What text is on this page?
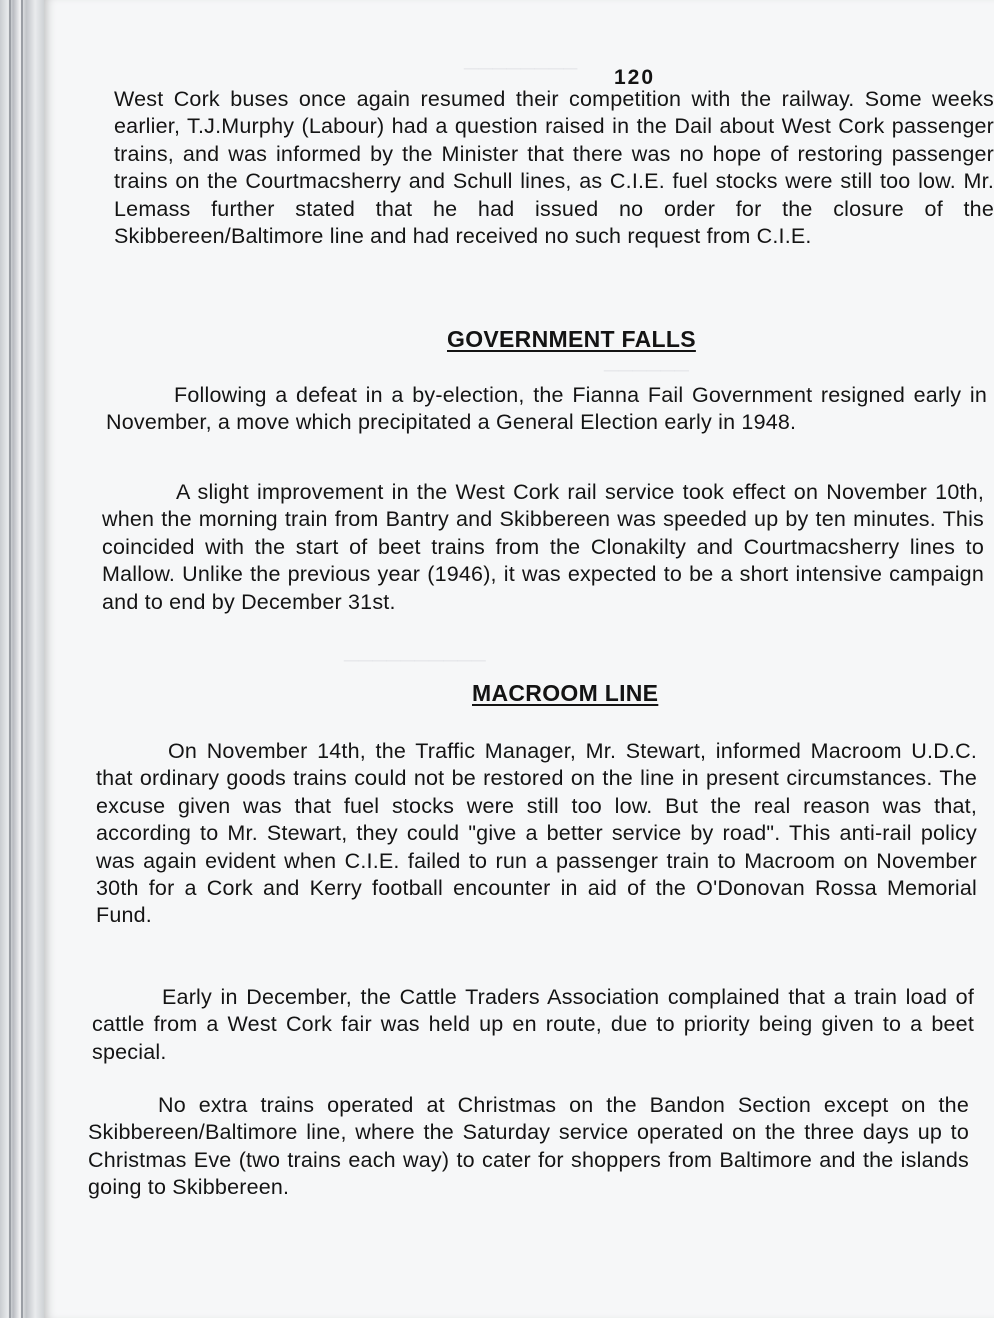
────────
──────
──────────
120

West Cork buses once again resumed their competition with the railway. Some weeks earlier, T.J.Murphy (Labour) had a question raised in the Dail about West Cork passenger trains, and was informed by the Minister that there was no hope of restoring passenger trains on the Courtmacsherry and Schull lines, as C.I.E. fuel stocks were still too low. Mr. Lemass further stated that he had issued no order for the closure of the Skibbereen/Baltimore line and had received no such request from C.I.E.

GOVERNMENT FALLS

Following a defeat in a by-election, the Fianna Fail Government resigned early in November, a move which precipitated a General Election early in 1948.

A slight improvement in the West Cork rail service took effect on November 10th, when the morning train from Bantry and Skibbereen was speeded up by ten minutes. This coincided with the start of beet trains from the Clonakilty and Courtmacsherry lines to Mallow. Unlike the previous year (1946), it was expected to be a short intensive campaign and to end by December 31st.

MACROOM LINE

On November 14th, the Traffic Manager, Mr. Stewart, informed Macroom U.D.C. that ordinary goods trains could not be restored on the line in present circumstances. The excuse given was that fuel stocks were still too low. But the real reason was that, according to Mr. Stewart, they could "give a better service by road". This anti-rail policy was again evident when C.I.E. failed to run a passenger train to Macroom on November 30th for a Cork and Kerry football encounter in aid of the O'Donovan Rossa Memorial Fund.

Early in December, the Cattle Traders Association complained that a train load of cattle from a West Cork fair was held up en route, due to priority being given to a beet special.

No extra trains operated at Christmas on the Bandon Section except on the Skibbereen/Baltimore line, where the Saturday service operated on the three days up to Christmas Eve (two trains each way) to cater for shoppers from Baltimore and the islands going to Skibbereen.
